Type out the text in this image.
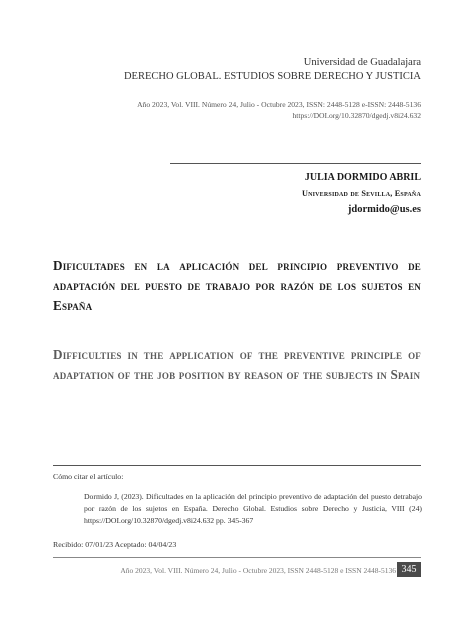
Universidad de Guadalajara
DERECHO GLOBAL. ESTUDIOS SOBRE DERECHO Y JUSTICIA
Año 2023, Vol. VIII. Número 24, Julio - Octubre 2023, ISSN: 2448-5128 e-ISSN: 2448-5136
https://DOI.org/10.32870/dgedj.v8i24.632
JULIA DORMIDO ABRIL
Universidad de Sevilla, España
jdormido@us.es
Dificultades en la aplicación del principio preventivo de adaptación del puesto de trabajo por razón de los sujetos en España
Difficulties in the application of the preventive principle of adaptation of the job position by reason of the subjects in Spain
Cómo citar el artículo:
Dormido J, (2023). Dificultades en la aplicación del principio preventivo de adaptación del puesto detrabajo por razón de los sujetos en España. Derecho Global. Estudios sobre Derecho y Justicia, VIII (24) https://DOI.org/10.32870/dgedj.v8i24.632 pp. 345-367
Recibido: 07/01/23 Aceptado: 04/04/23
Año 2023, Vol. VIII. Número 24, Julio - Octubre 2023, ISSN 2448-5128 e ISSN 2448-5136 345
